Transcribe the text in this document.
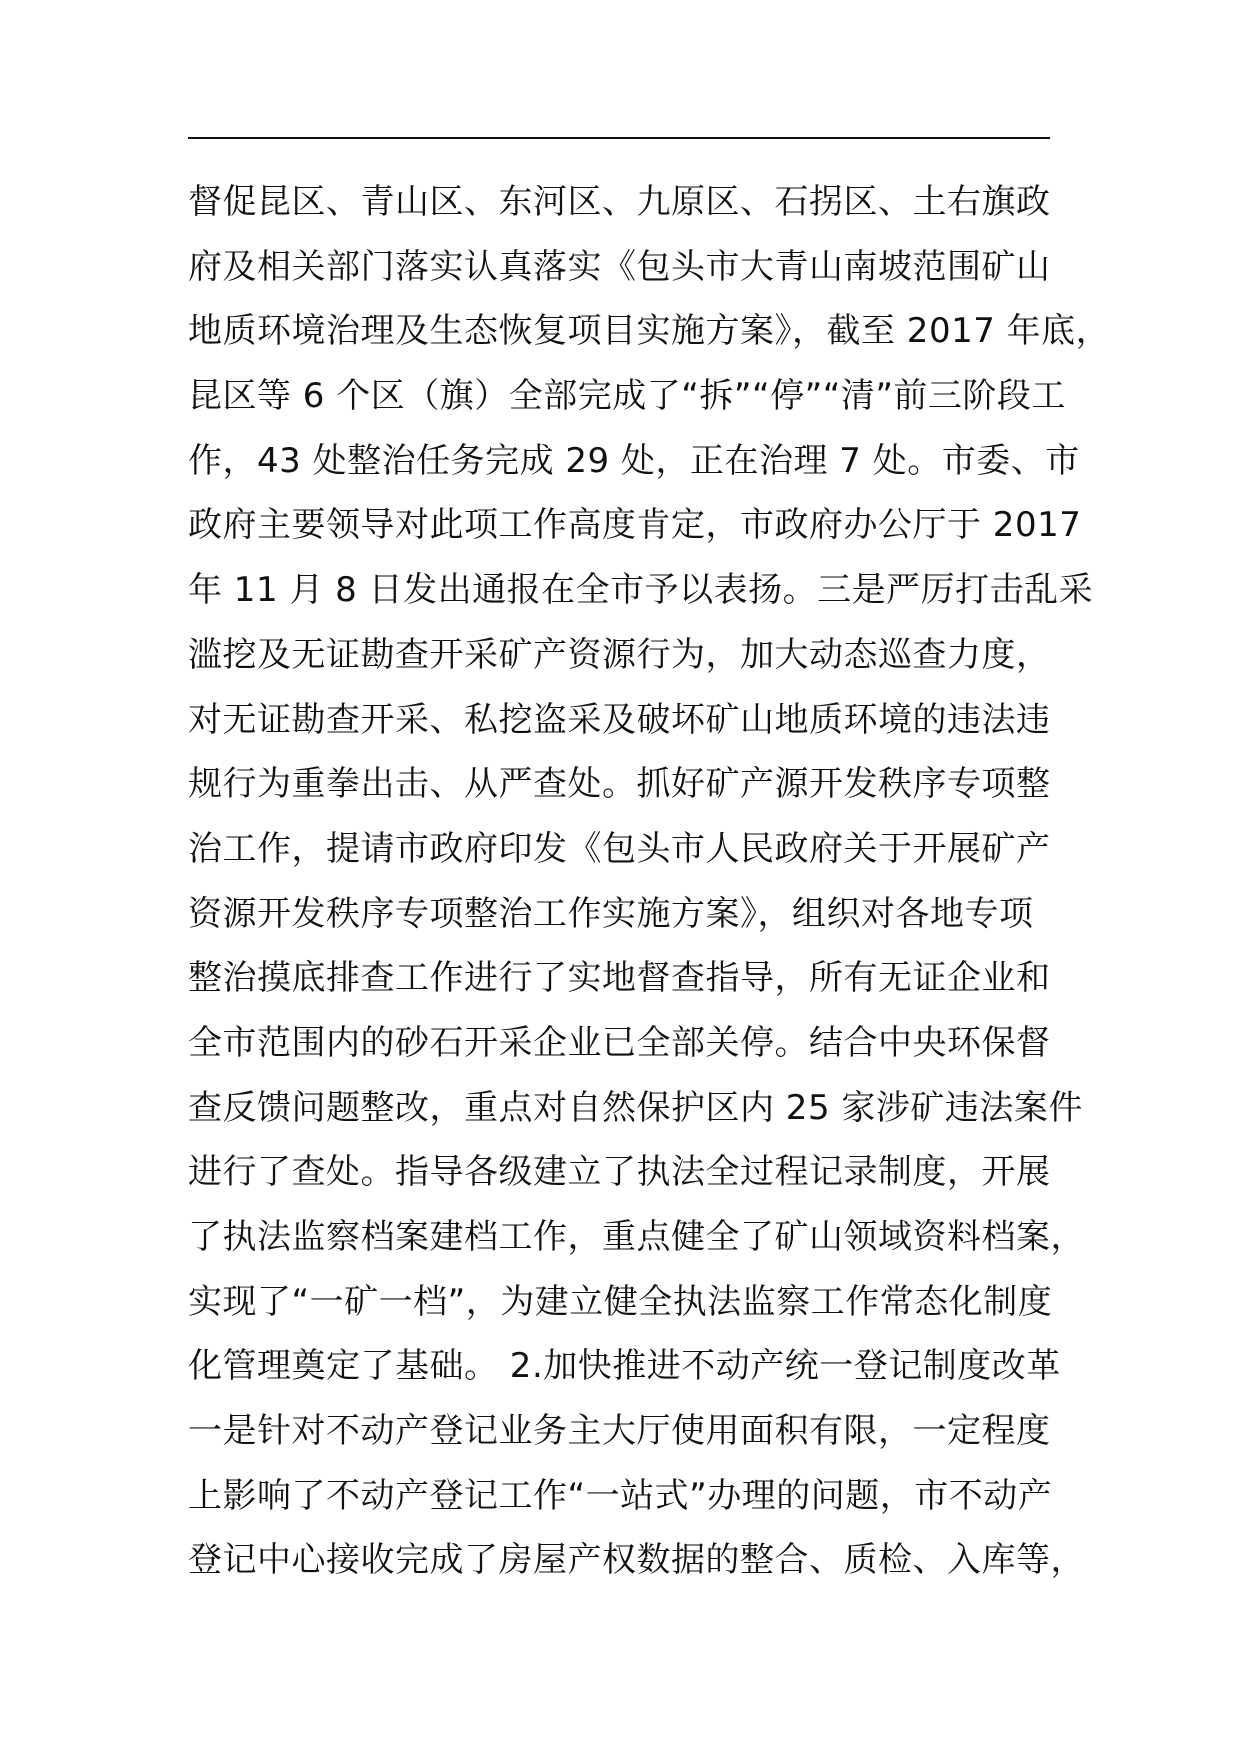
督促昆区、青山区、东河区、九原区、石拐区、土右旗政
府及相关部门落实认真落实《包头市大青山南坡范围矿山
地质环境治理及生态恢复项目实施方案》，截至 2017 年底，
昆区等 6 个区（旗）全部完成了“拆”“停”“清”前三阶段工
作，43 处整治任务完成 29 处，正在治理 7 处。市委、市
政府主要领导对此项工作高度肯定，市政府办公厅于 2017
年 11 月 8 日发出通报在全市予以表扬。三是严厉打击乱采
滥挖及无证勘查开采矿产资源行为，加大动态巡查力度，
对无证勘查开采、私挖盗采及破坏矿山地质环境的违法违
规行为重拳出击、从严查处。抓好矿产源开发秩序专项整
治工作，提请市政府印发《包头市人民政府关于开展矿产
资源开发秩序专项整治工作实施方案》，组织对各地专项
整治摸底排查工作进行了实地督查指导，所有无证企业和
全市范围内的砂石开采企业已全部关停。结合中央环保督
查反馈问题整改，重点对自然保护区内 25 家涉矿违法案件
进行了查处。指导各级建立了执法全过程记录制度，开展
了执法监察档案建档工作，重点健全了矿山领域资料档案，
实现了“一矿一档”，为建立健全执法监察工作常态化制度
化管理奠定了基础。 2.加快推进不动产统一登记制度改革
一是针对不动产登记业务主大厅使用面积有限，一定程度
上影响了不动产登记工作“一站式”办理的问题，市不动产
登记中心接收完成了房屋产权数据的整合、质检、入库等，
